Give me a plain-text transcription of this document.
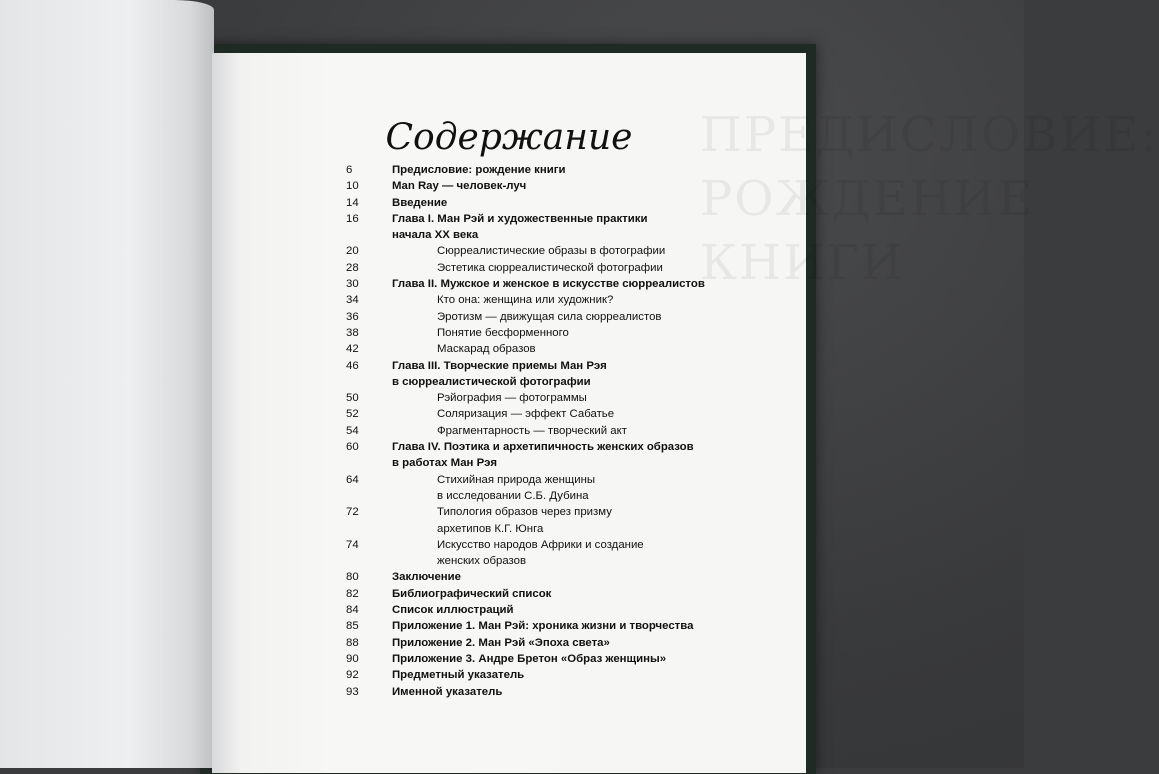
ПРЕДИСЛОВИЕ:
РОЖДЕНИЕ
КНИГИ
Содержание
6	Предисловие: рождение книги
10	Man Ray — человек-луч
14	Введение
16	Глава I. Ман Рэй и художественные практики
начала XX века
20	Сюрреалистические образы в фотографии
28	Эстетика сюрреалистической фотографии
30	Глава II. Мужское и женское в искусстве сюрреалистов
34	Кто она: женщина или художник?
36	Эротизм — движущая сила сюрреалистов
38	Понятие бесформенного
42	Маскарад образов
46	Глава III. Творческие приемы Ман Рэя
в сюрреалистической фотографии
50	Рэйография — фотограммы
52	Соляризация — эффект Сабатье
54	Фрагментарность — творческий акт
60	Глава IV. Поэтика и архетипичность женских образов
в работах Ман Рэя
64	Стихийная природа женщины
в исследовании С.Б. Дубина
72	Типология образов через призму
архетипов К.Г. Юнга
74	Искусство народов Африки и создание
женских образов
80	Заключение
82	Библиографический список
84	Список иллюстраций
85	Приложение 1. Ман Рэй: хроника жизни и творчества
88	Приложение 2. Ман Рэй «Эпоха света»
90	Приложение 3. Андре Бретон «Образ женщины»
92	Предметный указатель
93	Именной указатель
